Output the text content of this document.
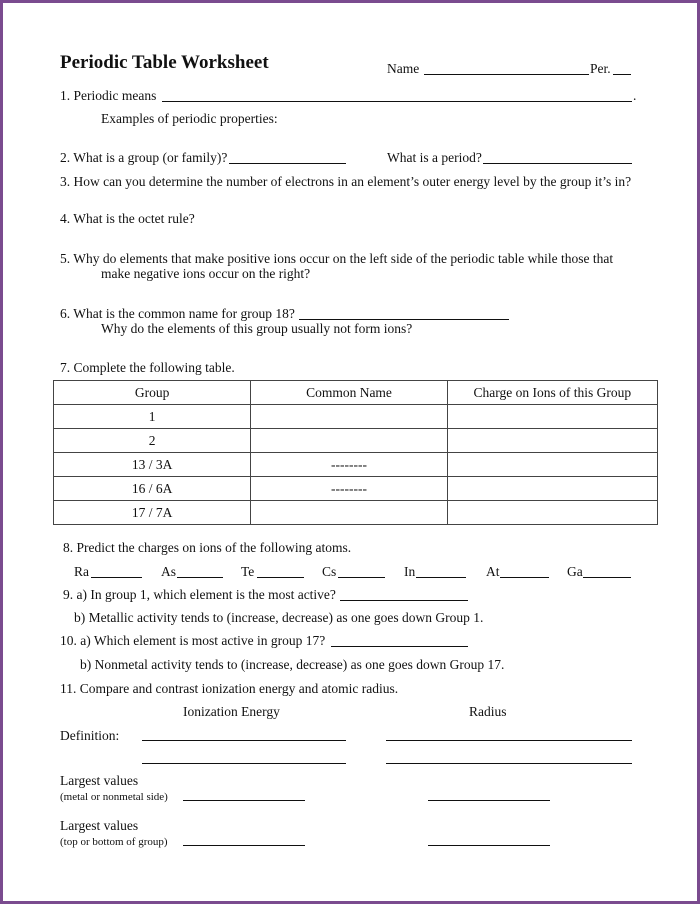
Periodic Table Worksheet	Name	Per.
1. Periodic means	.
Examples of periodic properties:
2. What is a group (or family)?	What is a period?
3. How can you determine the number of electrons in an element’s outer energy level by the group it’s in?
4. What is the octet rule?
5. Why do elements that make positive ions occur on the left side of the periodic table while those that
make negative ions occur on the right?
6. What is the common name for group 18?
Why do the elements of this group usually not form ions?
7. Complete the following table.
Group	Common Name	Charge on Ions of this Group
1		
2		
13 / 3A	--------	
16 / 6A	--------	
17 / 7A		
8. Predict the charges on ions of the following atoms.
Ra	As	Te	Cs	In	At	Ga
9. a) In group 1, which element is the most active?
b) Metallic activity tends to (increase, decrease) as one goes down Group 1.
10. a) Which element is most active in group 17?
b) Nonmetal activity tends to (increase, decrease) as one goes down Group 17.
11. Compare and contrast ionization energy and atomic radius.
Ionization Energy	Radius
Definition:
Largest values
(metal or nonmetal side)
Largest values
(top or bottom of group)
